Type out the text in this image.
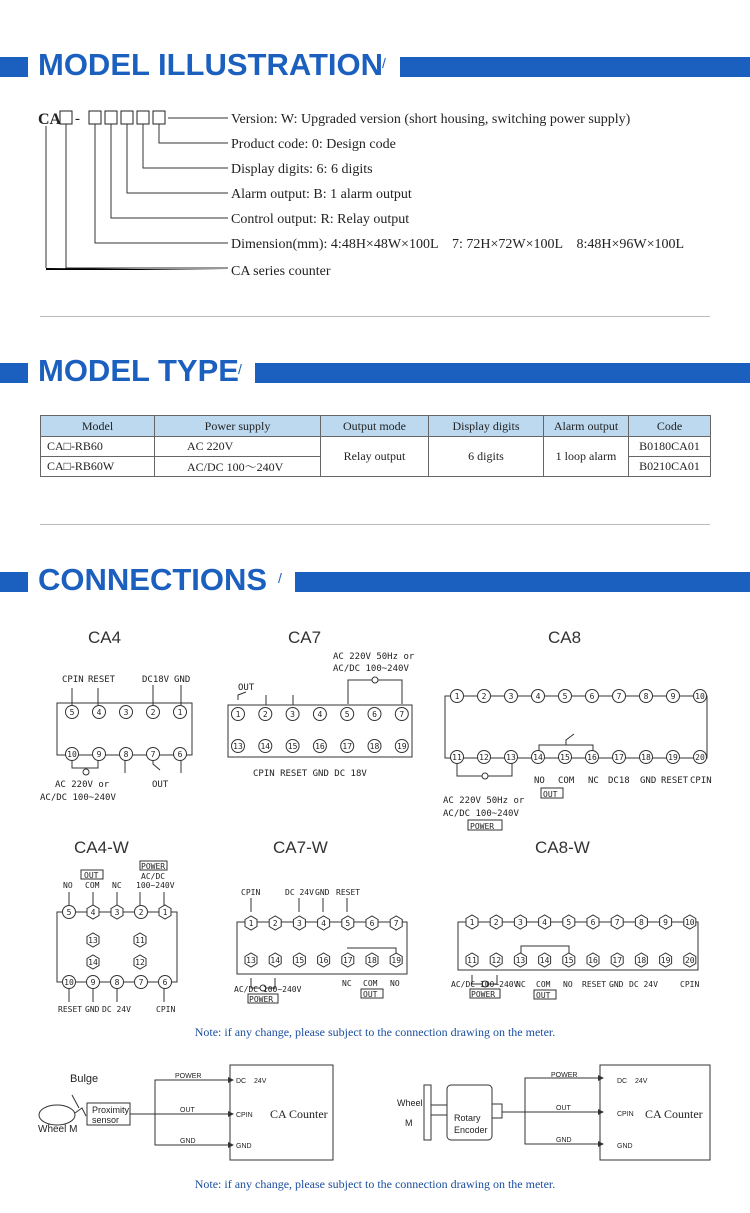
MODEL ILLUSTRATION /
CA -	Version: W: Upgraded version (short housing, switching power supply)
Product code: 0: Design code
Display digits: 6: 6 digits
Alarm output: B: 1 alarm output
Control output: R: Relay output
Dimension(mm): 4:48H×48W×100L    7: 72H×72W×100L    8:48H×96W×100L
CA series counter
MODEL TYPE /
Model	Power supply	Output mode	Display digits	Alarm output	Code
CA□-RB60	AC 220V	Relay output	6 digits	1 loop alarm	B0180CA01
CA□-RB60W	AC/DC 100～240V				B0210CA01
CONNECTIONS /
CA4	CA7	CA8
CA4-W	CA7-W	CA8-W
CPIN RESET	DC18V GND
AC 220V or
AC/DC 100~240V
OUT
AC 220V 50Hz or
AC/DC 100~240V
OUT
CPIN RESET GND DC 18V
NO COM NC DC18 GND RESET CPIN
OUT
AC 220V 50Hz or
AC/DC 100~240V
POWER
OUT
NO COM NC
POWER
AC/DC
100~240V
RESET GND DC 24V	CPIN
CPIN	DC 24V GND RESET
AC/DC 100~240V
POWER
NC COM NO
OUT
AC/DC 100~240V
POWER
NC COM
OUT
NO RESET GND DC 24V	CPIN
5	4	3	2	1
10 9	8	7	6
1	2	3	4	5	6	7
13 14 15 16 17 18 19
1	2	3	4	5	6	7	8	9 10
11 12 13 14 15 16 17 18 19 20
5 4 3 2 1
10 9 8 7 6
13
14
11
12
1 2 3 4 5 6 7
13 14 15 16 17 18 19
1 2 3 4 5 6 7 8 9 10
11 12 13 14 15 16 17 18 19 20
Note: if any change, please subject to the connection drawing on the meter.
Bulge
Wheel M
Proximity
sensor
POWER
OUT
GND
DC 24V
CPIN
GND
CA Counter
Wheel
M	Rotary
Encoder
POWER
OUT
GND
DC 24V
CPIN
GND
CA Counter
Note: if any change, please subject to the connection drawing on the meter.
